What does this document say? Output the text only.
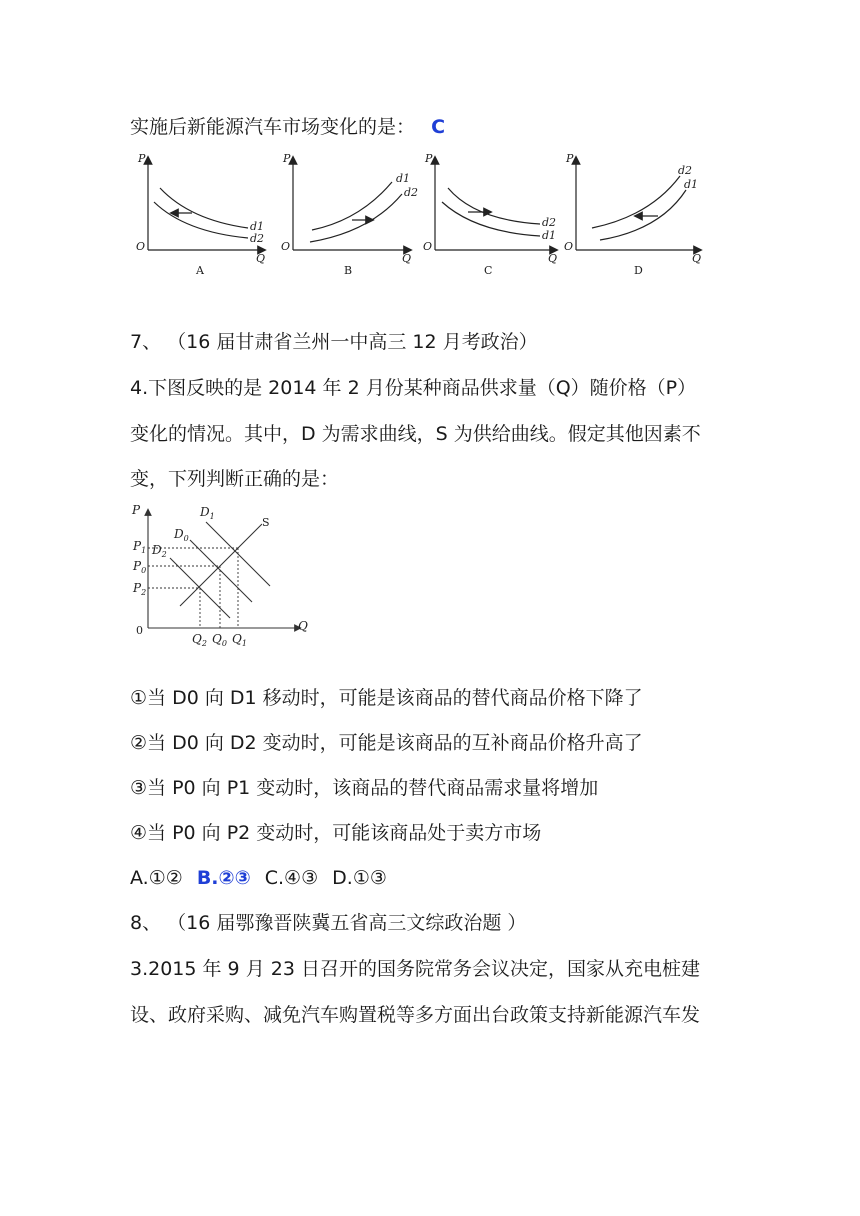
实施后新能源汽车市场变化的是： C
P
Q
O
d1
d2
P
Q
O
d1
d2
P
Q
O
d2
d1
P
Q
O
d2
d1
A	B	C	D
7、 （16 届甘肃省兰州一中高三 12 月考政治）
4.下图反映的是 2014 年 2 月份某种商品供求量（Q）随价格（P）
变化的情况。其中，D 为需求曲线，S 为供给曲线。假定其他因素不
变，下列判断正确的是：
P
Q
0
$D_1$
$D_0$
$D_2$
S
$P_1$
$P_0$
$P_2$
$Q_2$ $Q_0$ $Q_1$
①当 D0 向 D1 移动时，可能是该商品的替代商品价格下降了
②当 D0 向 D2 变动时，可能是该商品的互补商品价格升高了
③当 P0 向 P1 变动时，该商品的替代商品需求量将增加
④当 P0 向 P2 变动时，可能该商品处于卖方市场
A.①② B.②③ C.④③ D.①③
8、 （16 届鄂豫晋陕冀五省高三文综政治题 ）
3.2015 年 9 月 23 日召开的国务院常务会议决定，国家从充电桩建
设、政府采购、减免汽车购置税等多方面出台政策支持新能源汽车发
